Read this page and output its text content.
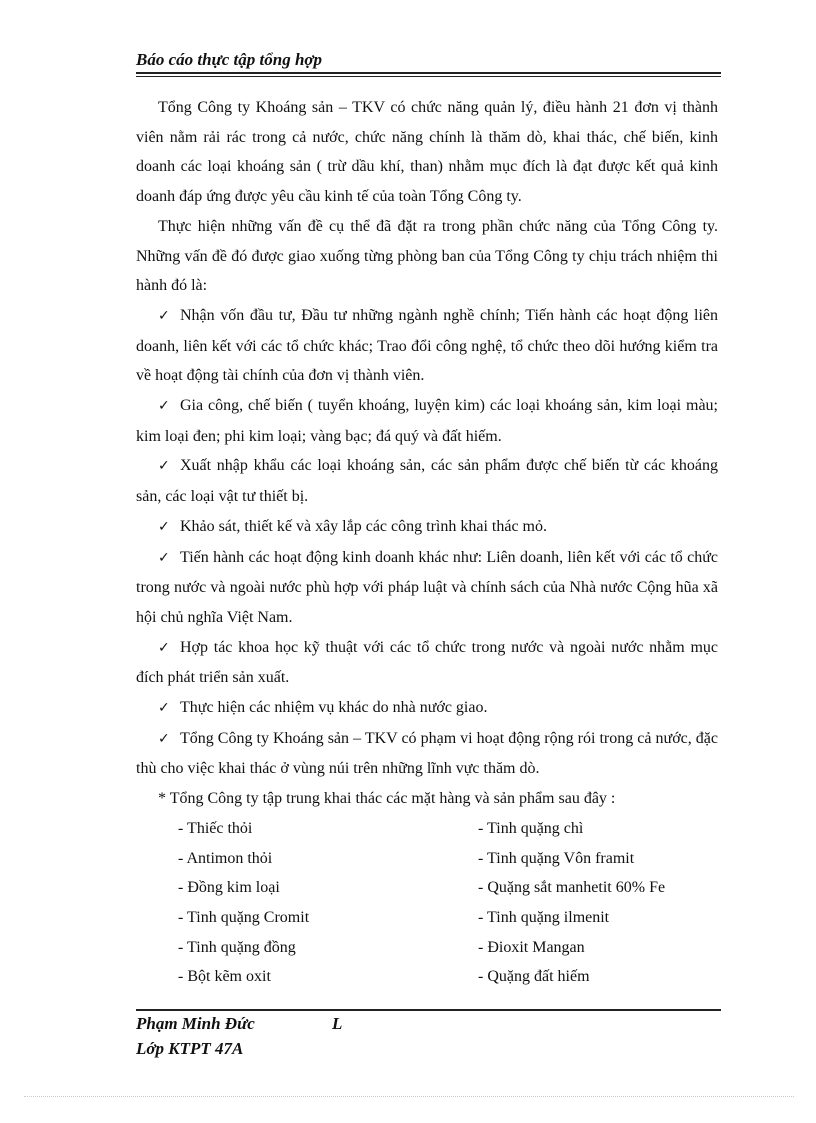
Báo cáo thực tập tổng hợp

Tổng Công ty Khoáng sản – TKV có chức năng quản lý, điều hành 21 đơn vị thành viên nằm rải rác trong cả nước, chức năng chính là thăm dò, khai thác, chế biến, kinh doanh các loại khoáng sản ( trừ dầu khí, than) nhằm mục đích là đạt được kết quả kinh doanh đáp ứng được yêu cầu kinh tế của toàn Tổng Công ty.

Thực hiện những vấn đề cụ thể đã đặt ra trong phần chức năng của Tổng Công ty. Những vấn đề đó được giao xuống từng phòng ban của Tổng Công ty chịu trách nhiệm thi hành đó là:

✓ Nhận vốn đầu tư, Đầu tư những ngành nghề chính; Tiến hành các hoạt động liên doanh, liên kết với các tổ chức khác; Trao đổi công nghệ, tổ chức theo dõi hướng kiểm tra về hoạt động tài chính của đơn vị thành viên.

✓ Gia công, chế biến ( tuyển khoáng, luyện kim) các loại khoáng sản, kim loại màu; kim loại đen; phi kim loại; vàng bạc; đá quý và đất hiếm.

✓ Xuất nhập khẩu các loại khoáng sản, các sản phẩm được chế biến từ các khoáng sản, các loại vật tư thiết bị.

✓ Khảo sát, thiết kế và xây lắp các công trình khai thác mỏ.

✓ Tiến hành các hoạt động kinh doanh khác như: Liên doanh, liên kết với các tổ chức trong nước và ngoài nước phù hợp với pháp luật và chính sách của Nhà nước Cộng hũa xã hội chủ nghĩa Việt Nam.

✓ Hợp tác khoa học kỹ thuật với các tổ chức trong nước và ngoài nước nhằm mục đích phát triển sản xuất.

✓ Thực hiện các nhiệm vụ khác do nhà nước giao.

✓ Tổng Công ty Khoáng sản – TKV có phạm vi hoạt động rộng rói trong cả nước, đặc thù cho việc khai thác ở vùng núi trên những lĩnh vực thăm dò.

* Tổng Công ty tập trung khai thác các mặt hàng và sản phẩm sau đây :

- Thiếc thỏi	- Tinh quặng chì
- Antimon thỏi	- Tinh quặng Vôn framit
- Đồng kim loại	- Quặng sắt manhetit 60% Fe
- Tinh quặng Cromit	- Tinh quặng ilmenit
- Tinh quặng đồng	- Đioxit Mangan
- Bột kẽm oxit	- Quặng đất hiếm
Phạm Minh Đức	L
Lớp KTPT 47A
